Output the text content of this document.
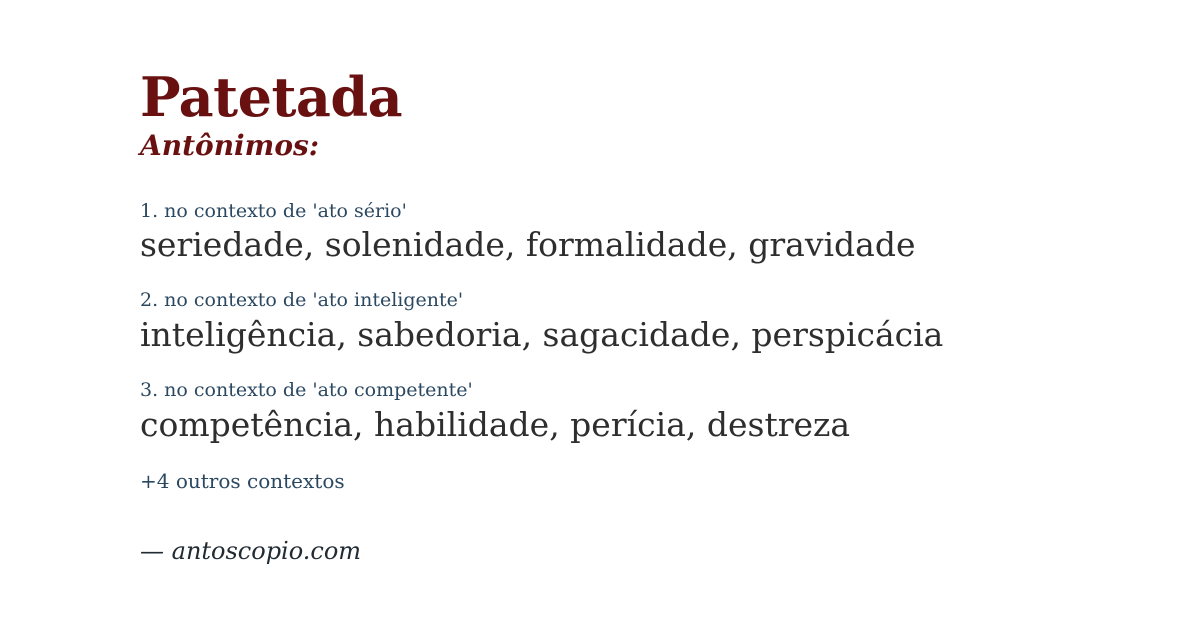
Patetada
Antônimos:
1. no contexto de 'ato sério'
seriedade, solenidade, formalidade, gravidade
2. no contexto de 'ato inteligente'
inteligência, sabedoria, sagacidade, perspicácia
3. no contexto de 'ato competente'
competência, habilidade, perícia, destreza
+4 outros contextos
— antoscopio.com
